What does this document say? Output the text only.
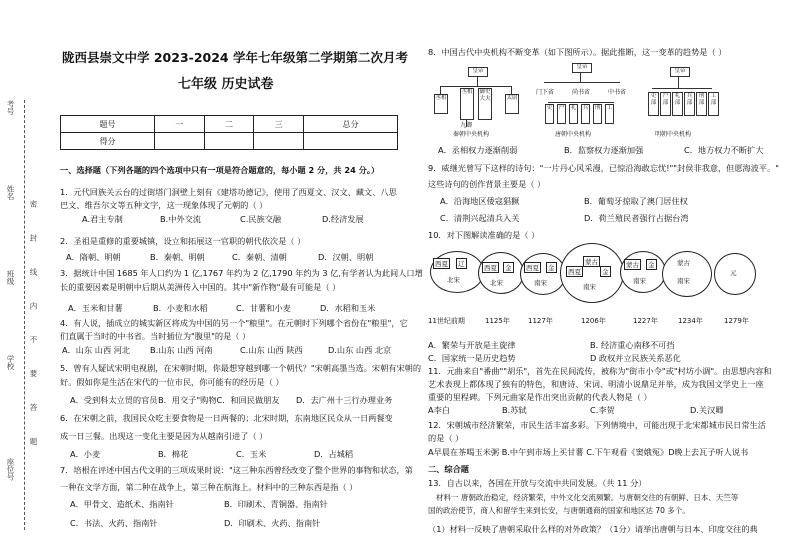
考号
姓名
班级
学校
座位号
密 封 线 内 不 要 答 题
陇西县崇文中学 2023-2024 学年七年级第二学期第二次月考
七年级 历史试卷
题号	一	二	三	总分
得分				
一、选择题（下列各题的四个选项中只有一项是符合题意的，每小题 2 分，共 24 分。）
1．元代回族关云台的过街塔门洞壁上刻有《建塔功德记》，使用了西夏文、汉文、藏文、八思
巴文、维吾尔文等五种文字，这一现象体现了元朝的（ ）
A.君主专制	B.中外交流	C.民族交融	D.经济发展
2．圣祖是重修的重要城镇，设立和拓展这一官职的朝代依次是（ ）
A．隋朝、明朝	B．秦朝、明朝	C．秦朝、清朝	D．汉朝、明朝
3．据统计中国 1685 年人口约为 1 亿,1767 年约为 2 亿,1790 年约为 3 亿,有学者认为此间人口增
长的重要因素是明朝中后期从美洲传入中国的。其中"新作物"最有可能是（ ）
A．玉米和甘薯	B．小麦和水稻	C．甘薯和小麦	D．水稻和玉米
4．有人说，插成立的城实新区将成为中国的另一个"粮里"。在元朝时下列哪个省份在"粮里"，它
们直属于当时的中书省。当时插位为"腹里"的是（ ）
A．山东 山西 河北 B.山东 山西 河南	C.山东 山西 陕西	D.山东 山西 北京
5．曾有人疑试宋明电视剧，在宋朝时期，你最想穿越到哪一个朝代？"宋朝高墨当选。宋朝有宋朝的
好。假如你是生活在宋代的一位市民，你可能有的经历是（ ）
A．受到科太立贸的官员 B．用交子"购物C．和回民做朋友 D．去广州十三行办理业务
6．在宋朝之前，我国民众吃主要食物是一日两餐的；北宋时期，东南地区民众从一日两餐变
成一日三餐。出现这一变化主要是因为从越南引进了（ ）
A．小麦	B．棉花	C．玉米	D．占城稻
7．培根在评述中国古代文明的三项成果时说："这三种东西曾经改变了整个世界的事物和状态，第
一种在文学方面，第二种在战争上，第三种在航海上。材料中的三种东西是指（ ）
A．甲骨文、造纸术、指南针	B．印刷术、青铜器、指南针
C．书法、火药、指南针	D．印刷术、火药、指南针
8．中国古代中央机构不断变革（如下图所示）。据此推断，这一变革的趋势是（ ）
皇帝
丞相
丞相 御史大夫	太尉
九卿
秦朝中央机构
皇帝
门下省	尚书省	中书省
吏	户	礼	兵	刑	工
唐朝中央机构
皇帝
吏部
户部
礼部
兵部
刑部
工部
明朝中央机构
A．丞相权力逐渐削弱	B．监察权力逐渐加强	C．地方权力不断扩大
9．威继光曾写下这样的诗句："一片丹心风采漫，已惊沿海敢忘忧!""封侯非我意，但愿海波平。"
这些诗句的创作背景主要是（ ）
A．沿海地区倭寇猖獗	B．葡萄牙掠取了澳门居住权
C．清荆兴起清兵入关	D．荷兰殖民者强行占据台湾
10．对下图解读准确的是（ ）
西夏	辽
北宋
西夏	金
北宋
西夏	金
南宋
蒙古
西夏	金
南宋
蒙古	金
南宋
蒙古
南宋
元
11世纪前期	1125年	1127年	1206年	1227年	1234年	1279年
A．繁荣与开放是主旋律	B. 经济重心南移不可挡
C．国家统一是历史趋势	D 政权并立民族关系恶化
11．元曲来自"番曲""胡乐"，首先在民间流传，被称为"街市小令"或"村坊小调"。由思想内容和
艺术表现上都体现了独有的特色，和唐诗、宋词、明清小说鼎足并举，成为我国文学史上一座
重要的里程碑。下列元曲家是作出突出贡献的代表人物是（ ）
A李白	B.苏轼	C.李贺	D.关汉卿
12．宋朝城市经济繁荣，市民生活丰富多彩。下列情境中，可能出现于北宋都城市民日常生活
的是（ ）
A早晨在茶喝玉米粥 B.中午到市场上买甘薯 C.下午观看《窦娥冤》D晚上去瓦子听人说书
二、综合题
13．自古以来，各国在开放与交流中共同发展。（共 11 分）
材料一 唐朝政治稳定，经济繁荣，中外文化交流频繁。与唐朝交往的有朝鲜、日本、天竺等
国的政治使节，商人和留学生来到长安，与唐朝通商的国家和地区达 70 多个。
（1）材料一反映了唐朝采取什么样的对外政策？（1分）请举出唐朝与日本、印度交往的典
